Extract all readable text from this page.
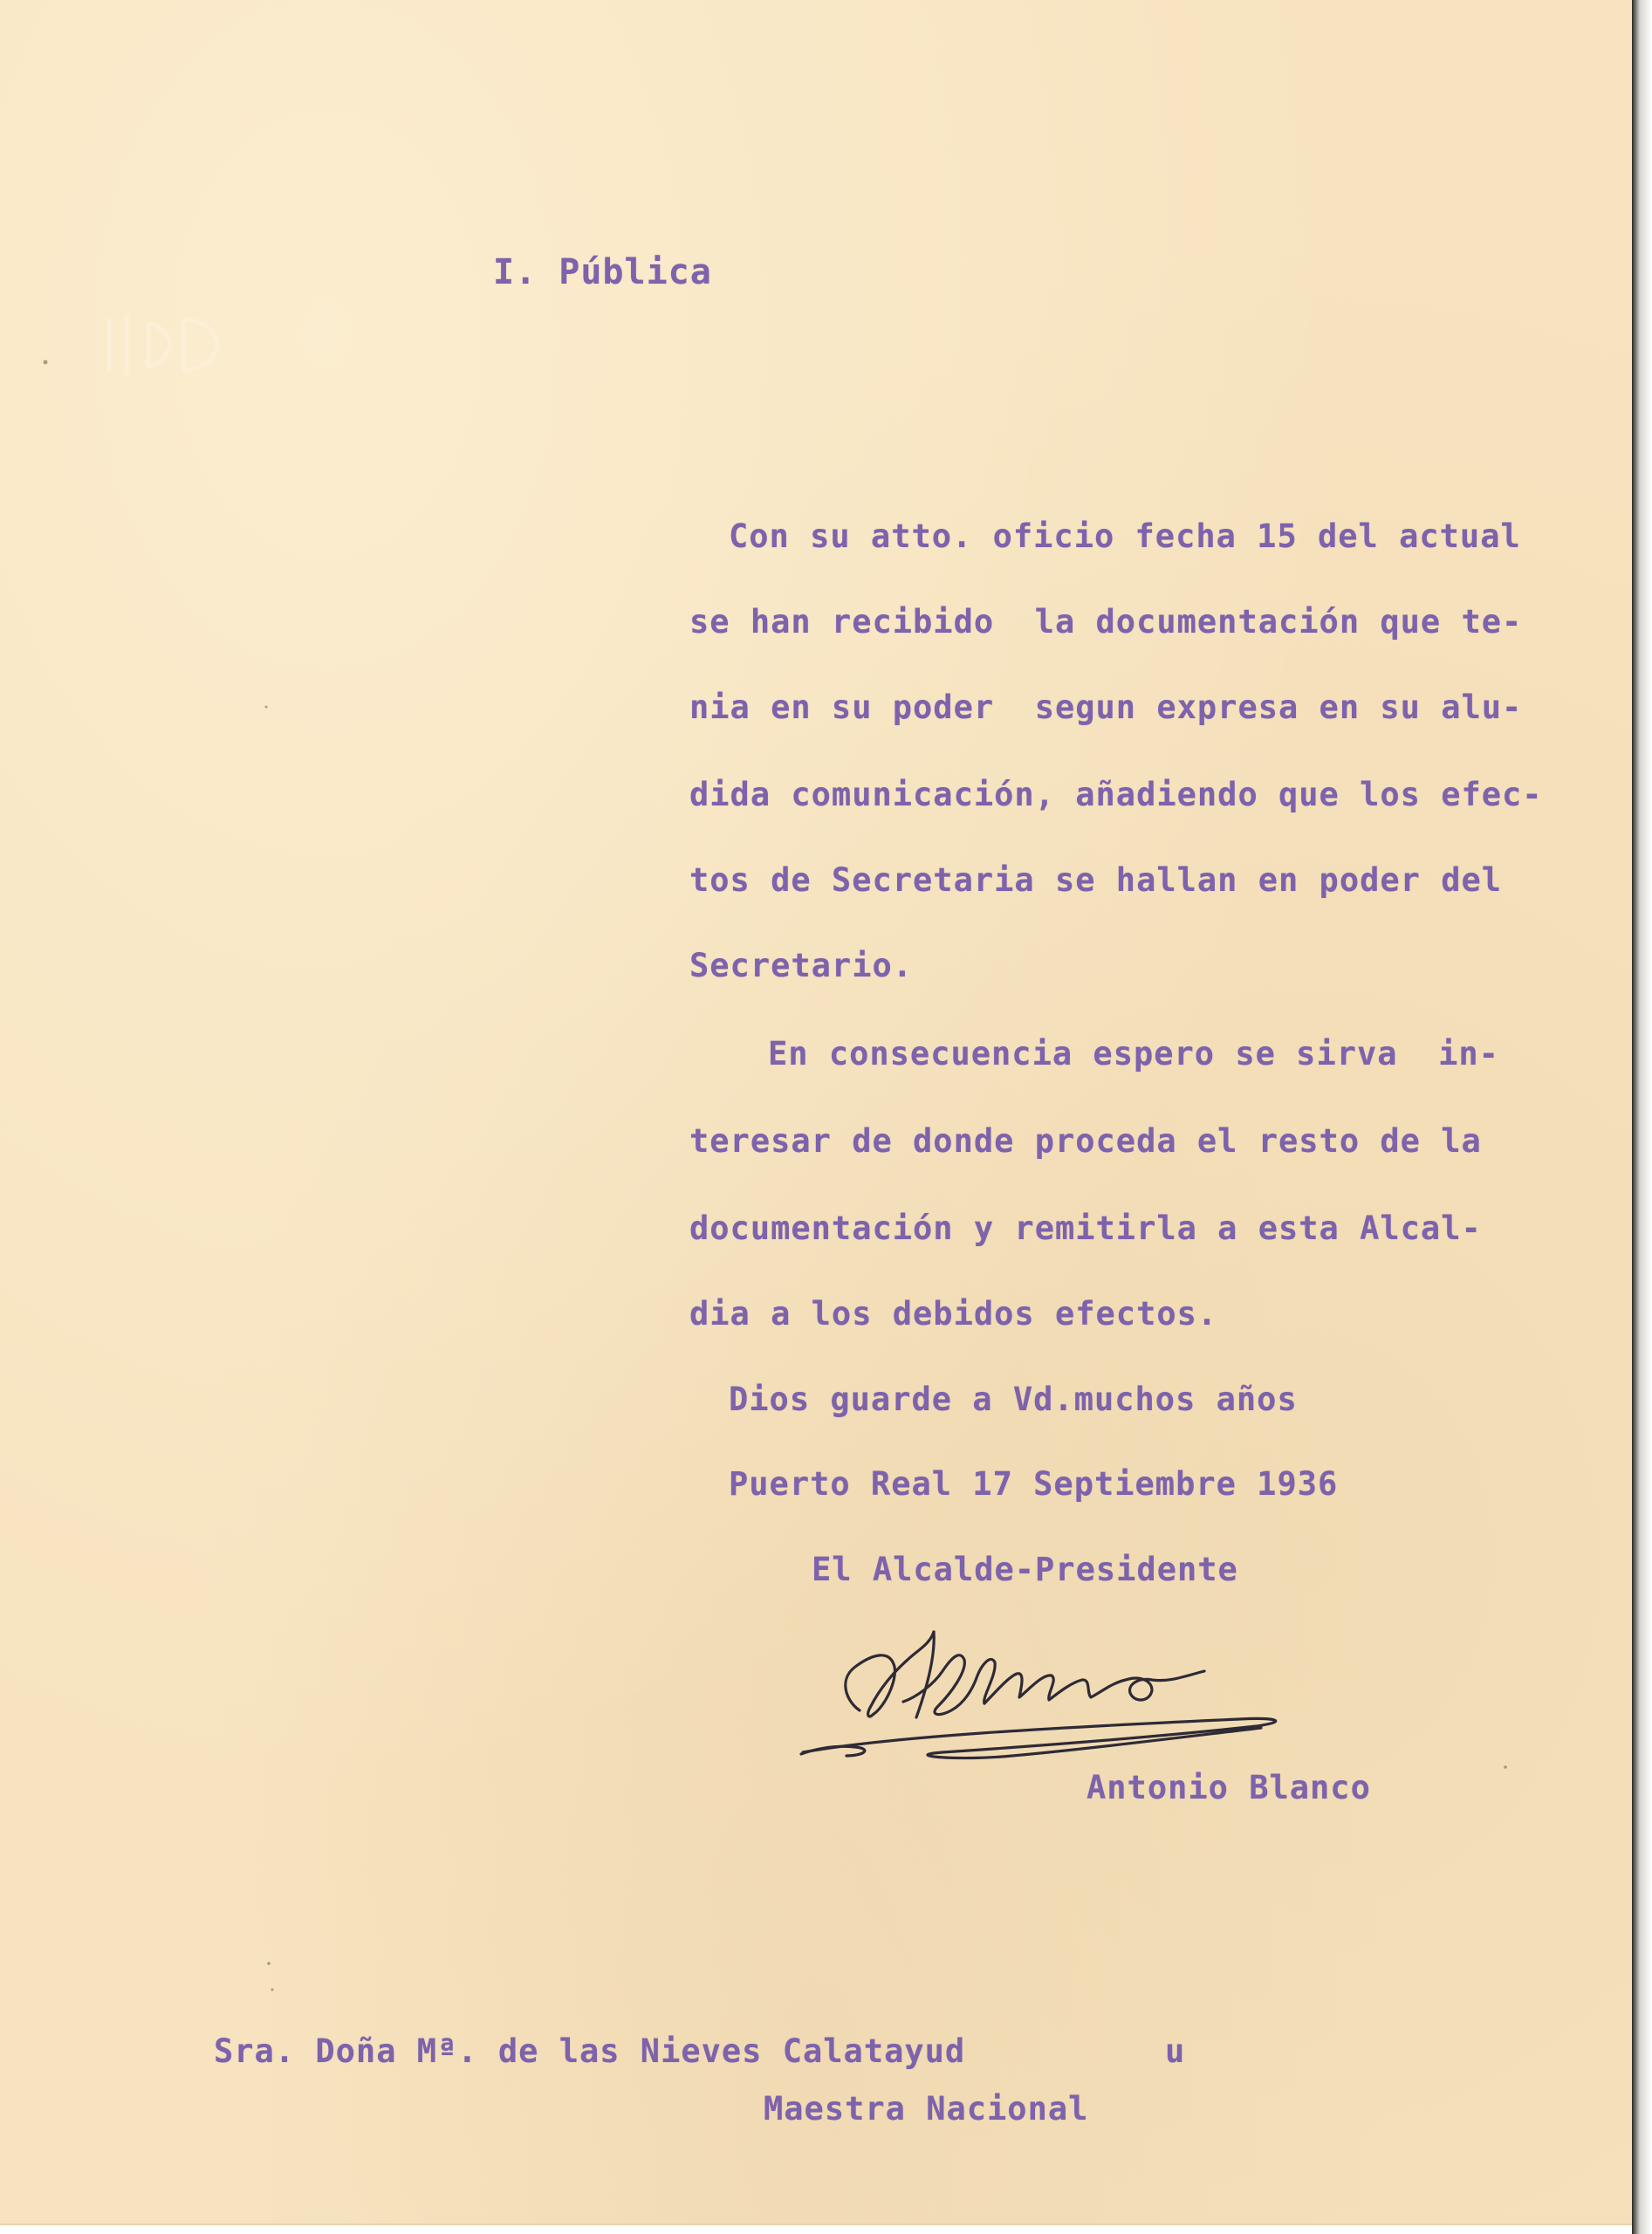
I. Pública
Con su atto. oficio fecha 15 del actual
se han recibido  la documentación que te-
nia en su poder  segun expresa en su alu-
dida comunicación, añadiendo que los efec-
tos de Secretaria se hallan en poder del
Secretario.
En consecuencia espero se sirva  in-
teresar de donde proceda el resto de la
documentación y remitirla a esta Alcal-
dia a los debidos efectos.
Dios guarde a Vd.muchos años
Puerto Real 17 Septiembre 1936
El Alcalde-Presidente
Antonio Blanco
Sra. Doña Mª. de las Nieves Calatayud	u
Maestra Nacional
